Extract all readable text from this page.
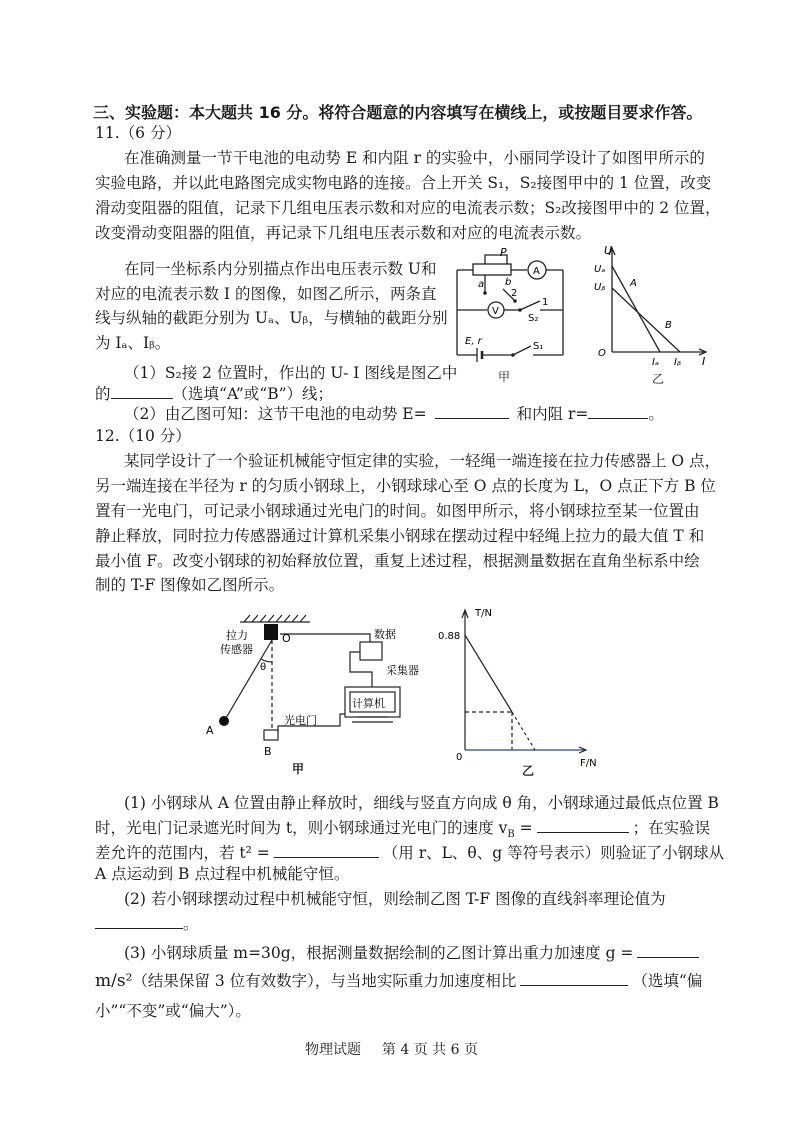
三、实验题：本大题共 16 分。将符合题意的内容填写在横线上，或按题目要求作答。
11.（6 分）
在准确测量一节干电池的电动势 E 和内阻 r 的实验中，小丽同学设计了如图甲所示的
实验电路，并以此电路图完成实物电路的连接。合上开关 S₁，S₂接图甲中的 1 位置，改变
滑动变阻器的阻值，记录下几组电压表示数和对应的电流表示数；S₂改接图甲中的 2 位置，
改变滑动变阻器的阻值，再记录下几组电压表示数和对应的电流表示数。
在同一坐标系内分别描点作出电压表示数 U和
对应的电流表示数 I 的图像，如图乙所示，两条直
线与纵轴的截距分别为 Uₐ、Uᵦ，与横轴的截距分别
为 Iₐ、Iᵦ。
（1）S₂接 2 位置时，作出的 U- I 图线是图乙中
的	（选填“A”或“B”）线；
（2）由乙图可知：这节干电池的电动势 E=	和内阻 r=	。
P
a b
2
1
A
V
S₂
E, r	S₁
甲
U
Uₐ
Uᵦ A
B
O
Iₐ Iᵦ I
乙
12.（10 分）
某同学设计了一个验证机械能守恒定律的实验，一轻绳一端连接在拉力传感器上 O 点，
另一端连接在半径为 r 的匀质小钢球上，小钢球球心至 O 点的长度为 L，O 点正下方 B 位
置有一光电门，可记录小钢球通过光电门的时间。如图甲所示，将小钢球拉至某一位置由
静止释放，同时拉力传感器通过计算机采集小钢球在摆动过程中轻绳上拉力的最大值 T 和
最小值 F。改变小钢球的初始释放位置，重复上述过程，根据测量数据在直角坐标系中绘
制的 T-F 图像如乙图所示。
O
θ
A
B
光电门
计算机
拉力
传感器
数据
采集器
甲
T/N
0.88
0
F/N
乙
(1) 小钢球从 A 位置由静止释放时，细线与竖直方向成 θ 角，小钢球通过最低点位置 B
时，光电门记录遮光时间为 t，则小钢球通过光电门的速度 $v_B$ =	；在实验误
差允许的范围内，若 t² =	（用 r、L、θ、g 等符号表示）则验证了小钢球从
A 点运动到 B 点过程中机械能守恒。
(2) 若小钢球摆动过程中机械能守恒，则绘制乙图 T-F 图像的直线斜率理论值为
。
(3) 小钢球质量 m=30g，根据测量数据绘制的乙图计算出重力加速度 g =
m/s²（结果保留 3 位有效数字），与当地实际重力加速度相比	（选填“偏
小”“不变”或“偏大”）。
物理试题 第 4 页 共 6 页
